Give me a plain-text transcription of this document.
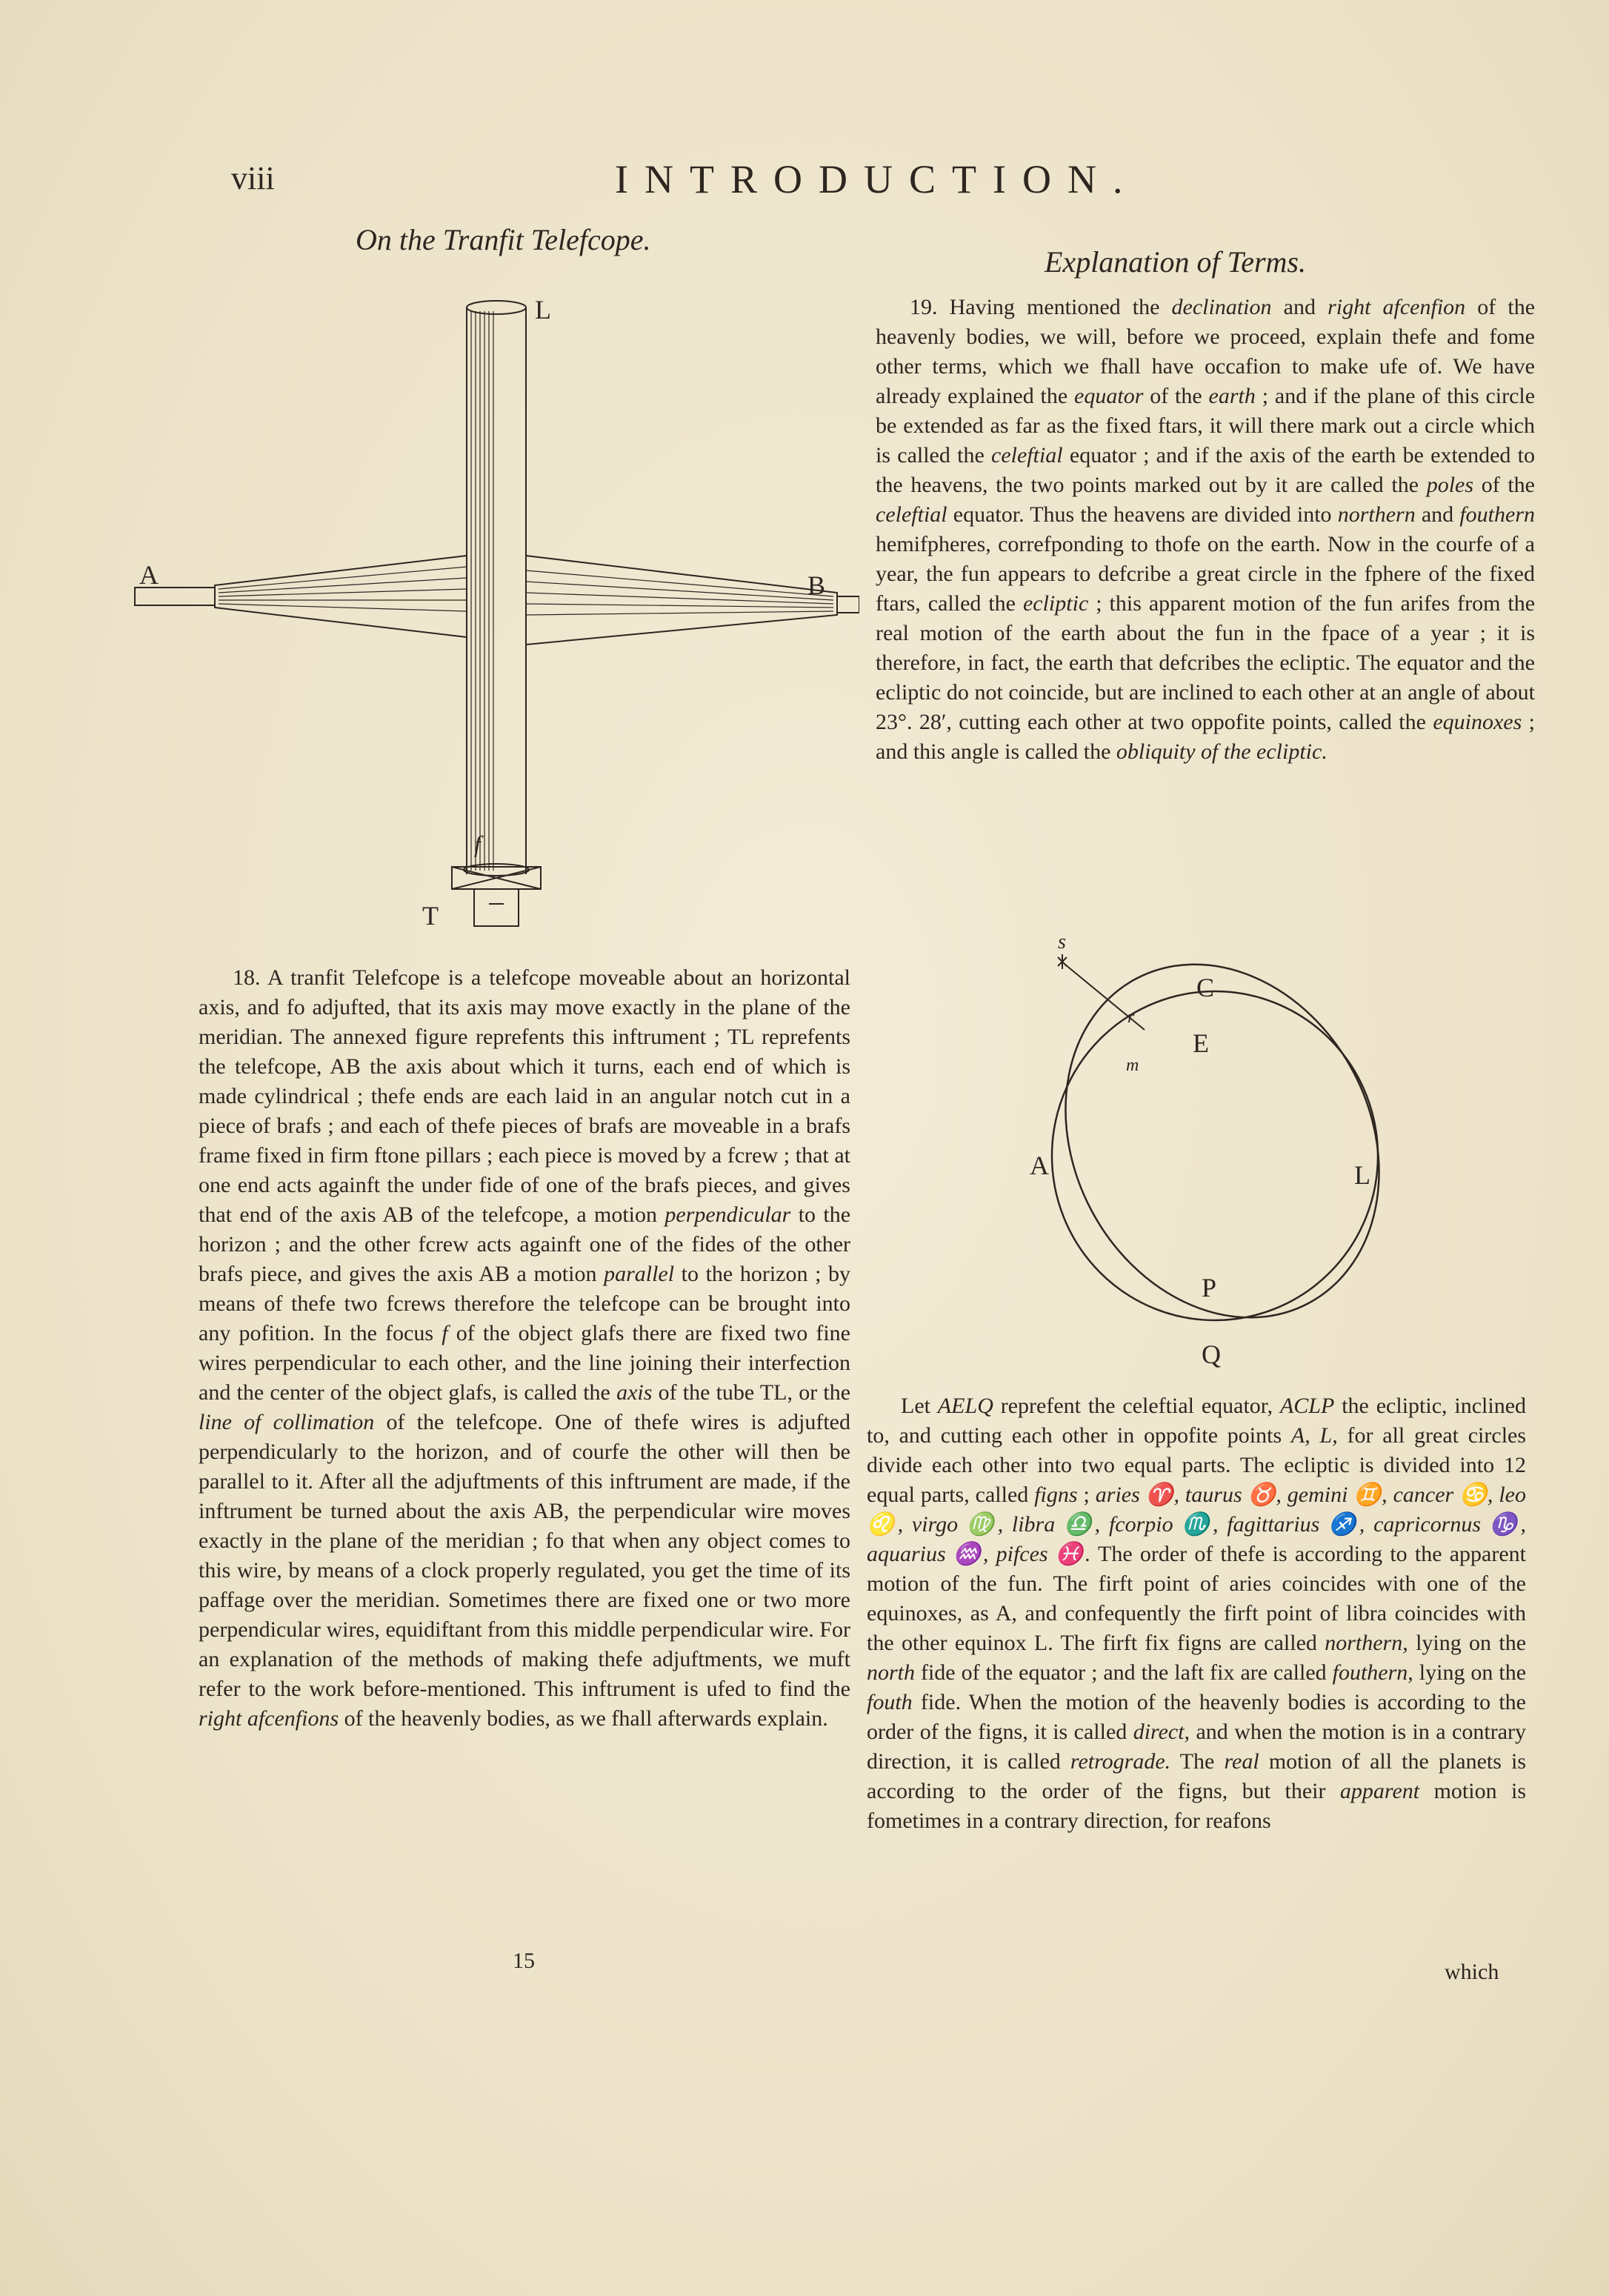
viii	INTRODUCTION.
On the Tranfit Telefcope.
L
A	B
T
f

18. A tranfit Telefcope is a telefcope moveable about an horizontal axis, and fo adjufted, that its axis may move exactly in the plane of the meridian. The annexed figure reprefents this inftrument ; TL reprefents the telefcope, AB the axis about which it turns, each end of which is made cylindrical ; thefe ends are each laid in an angular notch cut in a piece of brafs ; and each of thefe pieces of brafs are moveable in a brafs frame fixed in firm ftone pillars ; each piece is moved by a fcrew ; that at one end acts againft the under fide of one of the brafs pieces, and gives that end of the axis AB of the telefcope, a motion perpendicular to the horizon ; and the other fcrew acts againft one of the fides of the other brafs piece, and gives the axis AB a motion parallel to the horizon ; by means of thefe two fcrews therefore the telefcope can be brought into any pofition. In the focus f of the object glafs there are fixed two fine wires perpendicular to each other, and the line joining their interfection and the center of the object glafs, is called the axis of the tube TL, or the line of collimation of the telefcope. One of thefe wires is adjufted perpendicularly to the horizon, and of courfe the other will then be parallel to it. After all the adjuftments of this inftrument are made, if the inftrument be turned about the axis AB, the perpendicular wire moves exactly in the plane of the meridian ; fo that when any object comes to this wire, by means of a clock properly regulated, you get the time of its paffage over the meridian. Sometimes there are fixed one or two more perpendicular wires, equidiftant from this middle perpendicular wire. For an explanation of the methods of making thefe adjuftments, we muft refer to the work before-mentioned. This inftrument is ufed to find the right afcenfions of the heavenly bodies, as we fhall afterwards explain.

15
Explanation of Terms.

19. Having mentioned the declination and right afcenfion of the heavenly bodies, we will, before we proceed, explain thefe and fome other terms, which we fhall have occafion to make ufe of. We have already explained the equator of the earth ; and if the plane of this circle be extended as far as the fixed ftars, it will there mark out a circle which is called the celeftial equator ; and if the axis of the earth be extended to the heavens, the two points marked out by it are called the poles of the celeftial equator. Thus the heavens are divided into northern and fouthern hemifpheres, correfponding to thofe on the earth. Now in the courfe of a year, the fun appears to defcribe a great circle in the fphere of the fixed ftars, called the ecliptic ; this apparent motion of the fun arifes from the real motion of the earth about the fun in the fpace of a year ; it is therefore, in fact, the earth that defcribes the ecliptic. The equator and the ecliptic do not coincide, but are inclined to each other at an angle of about 23°. 28′, cutting each other at two oppofite points, called the equinoxes ; and this angle is called the obliquity of the ecliptic.

s
C
E
A	L
P
Q
r
m

Let AELQ reprefent the celeftial equator, ACLP the ecliptic, inclined to, and cutting each other in oppofite points A, L, for all great circles divide each other into two equal parts. The ecliptic is divided into 12 equal parts, called figns ; aries ♈, taurus ♉, gemini ♊, cancer ♋, leo ♌, virgo ♍, libra ♎, fcorpio ♏, fagittarius ♐, capricornus ♑, aquarius ♒, pifces ♓. The order of thefe is according to the apparent motion of the fun. The firft point of aries coincides with one of the equinoxes, as A, and confequently the firft point of libra coincides with the other equinox L. The firft fix figns are called northern, lying on the north fide of the equator ; and the laft fix are called fouthern, lying on the fouth fide. When the motion of the heavenly bodies is according to the order of the figns, it is called direct, and when the motion is in a contrary direction, it is called retrograde. The real motion of all the planets is according to the order of the figns, but their apparent motion is fometimes in a contrary direction, for reafons

which
